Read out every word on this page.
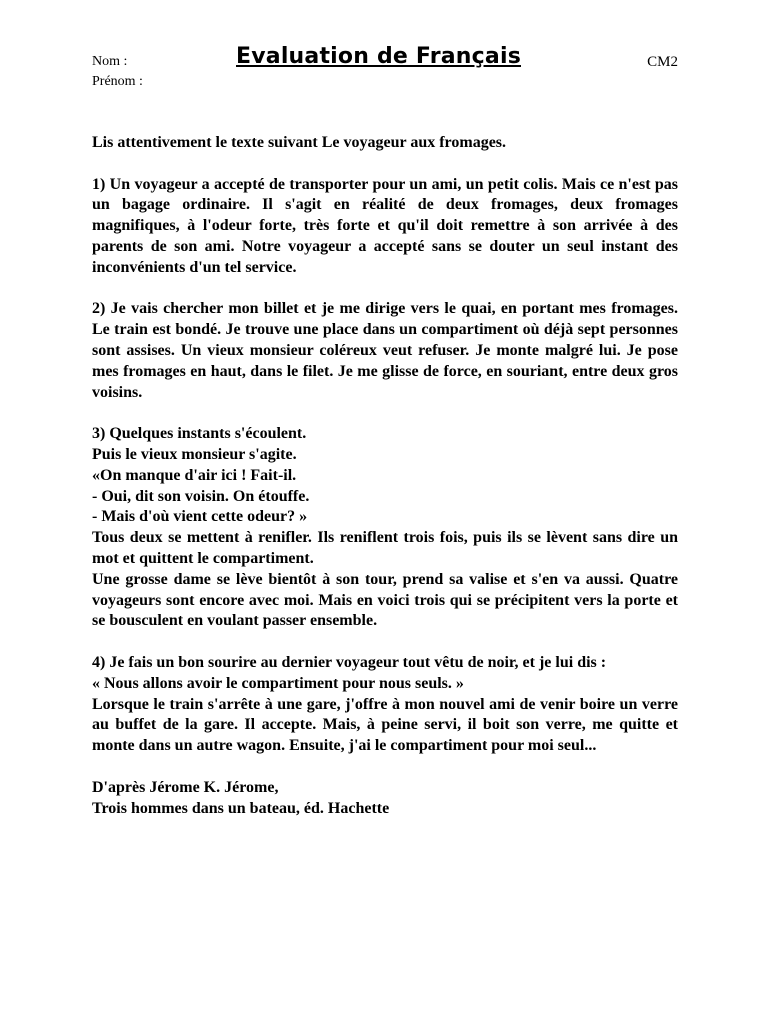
Nom :
Prénom :
Evaluation de Français	CM2

Lis attentivement le texte suivant Le voyageur aux fromages.

1) Un voyageur a accepté de transporter pour un ami, un petit colis. Mais ce n'est pas un bagage ordinaire. Il s'agit en réalité de deux fromages, deux fromages magnifiques, à l'odeur forte, très forte et qu'il doit remettre à son arrivée à des parents de son ami. Notre voyageur a accepté sans se douter un seul instant des inconvénients d'un tel service.

2) Je vais chercher mon billet et je me dirige vers le quai, en portant mes fromages. Le train est bondé. Je trouve une place dans un compartiment où déjà sept personnes sont assises. Un vieux monsieur coléreux veut refuser. Je monte malgré lui. Je pose mes fromages en haut, dans le filet. Je me glisse de force, en souriant, entre deux gros voisins.

3) Quelques instants s'écoulent.

Puis le vieux monsieur s'agite.

«On manque d'air ici ! Fait-il.

- Oui, dit son voisin. On étouffe.

- Mais d'où vient cette odeur? »

Tous deux se mettent à renifler. Ils reniflent trois fois, puis ils se lèvent sans dire un mot et quittent le compartiment.

Une grosse dame se lève bientôt à son tour, prend sa valise et s'en va aussi. Quatre voyageurs sont encore avec moi. Mais en voici trois qui se précipitent vers la porte et se bousculent en voulant passer ensemble.

4) Je fais un bon sourire au dernier voyageur tout vêtu de noir, et je lui dis :

« Nous allons avoir le compartiment pour nous seuls. »

Lorsque le train s'arrête à une gare, j'offre à mon nouvel ami de venir boire un verre au buffet de la gare. Il accepte. Mais, à peine servi, il boit son verre, me quitte et monte dans un autre wagon. Ensuite, j'ai le compartiment pour moi seul...

D'après Jérome K. Jérome,

Trois hommes dans un bateau, éd. Hachette
